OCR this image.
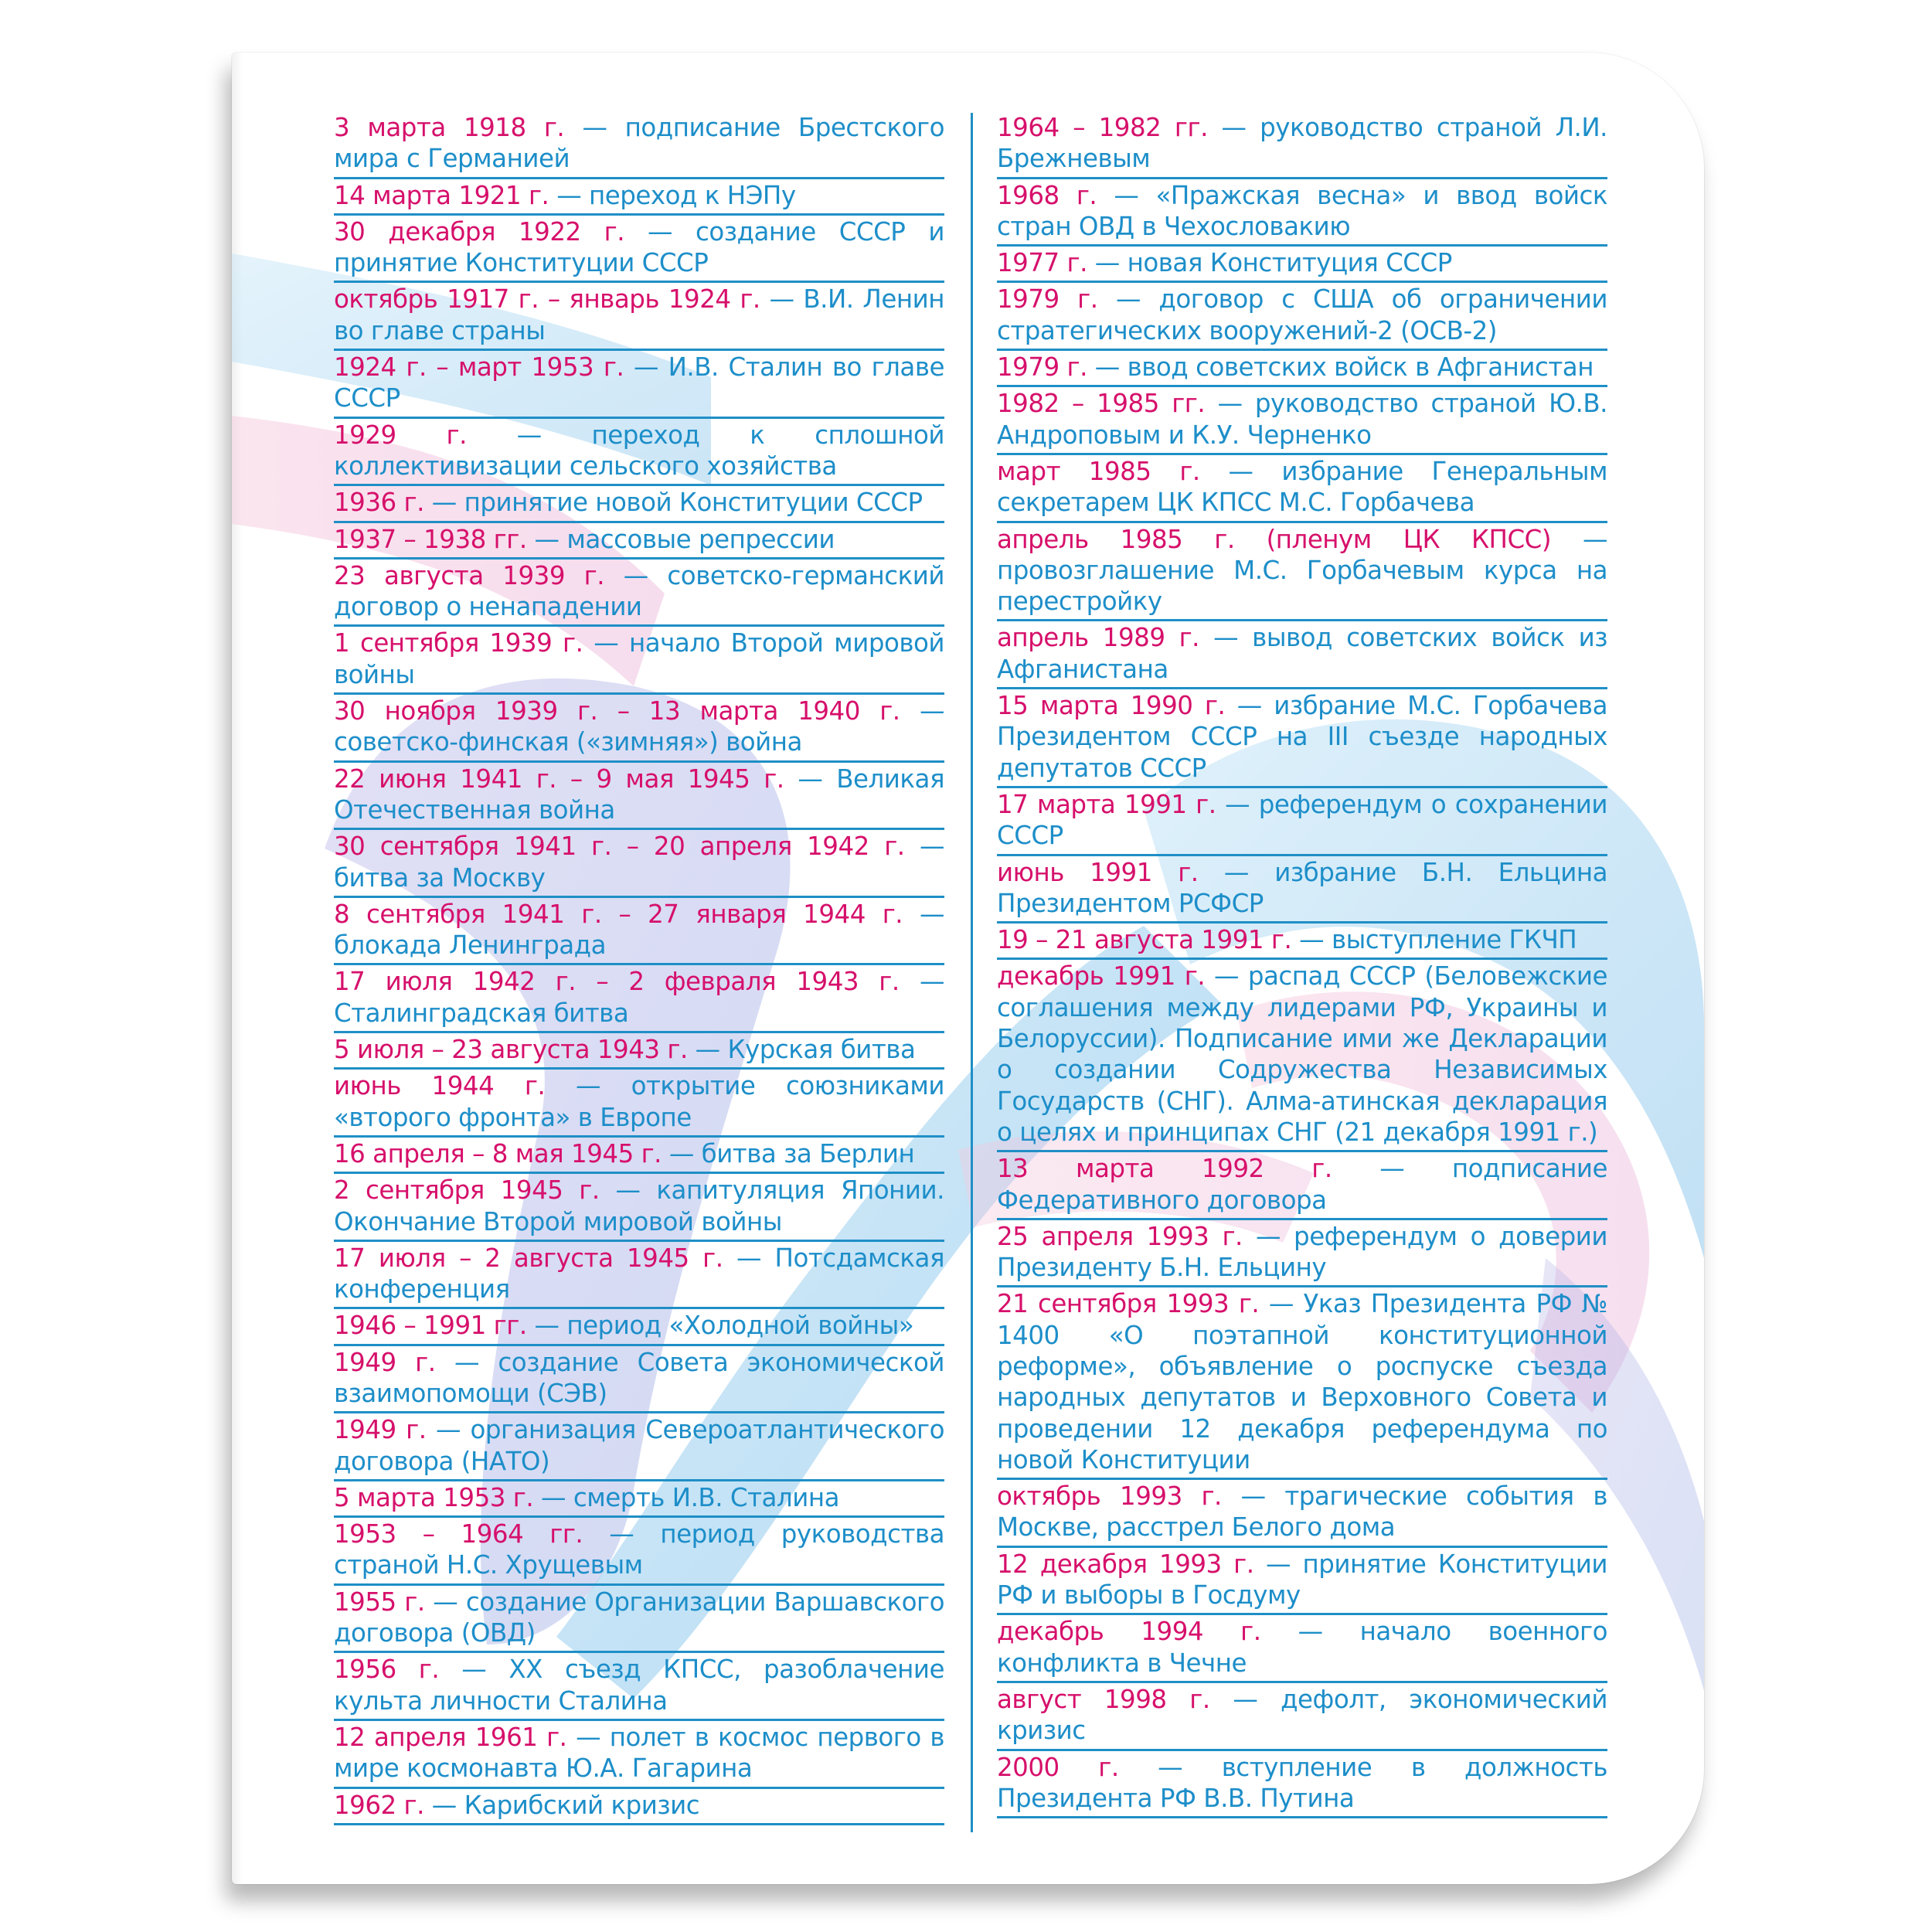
3 марта 1918 г. — подписание Брестского мира с Германией
14 марта 1921 г. — переход к НЭПу
30 декабря 1922 г. — создание СССР и принятие Конституции СССР
октябрь 1917 г. – январь 1924 г. — В.И. Ленин во главе страны
1924 г. – март 1953 г. — И.В. Сталин во главе СССР
1929 г. — переход к сплошной коллективизации сельского хозяйства
1936 г. — принятие новой Конституции СССР
1937 – 1938 гг. — массовые репрессии
23 августа 1939 г. — советско-германский договор о ненападении
1 сентября 1939 г. — начало Второй мировой войны
30 ноября 1939 г. – 13 марта 1940 г. — советско-финская («зимняя») война
22 июня 1941 г. – 9 мая 1945 г. — Великая Отечественная война
30 сентября 1941 г. – 20 апреля 1942 г. — битва за Москву
8 сентября 1941 г. – 27 января 1944 г. — блокада Ленинграда
17 июля 1942 г. – 2 февраля 1943 г. — Сталинградская битва
5 июля – 23 августа 1943 г. — Курская битва
июнь 1944 г. — открытие союзниками «второго фронта» в Европе
16 апреля – 8 мая 1945 г. — битва за Берлин
2 сентября 1945 г. — капитуляция Японии. Окончание Второй мировой войны
17 июля – 2 августа 1945 г. — Потсдамская конференция
1946 – 1991 гг. — период «Холодной войны»
1949 г. — создание Совета экономической взаимопомощи (СЭВ)
1949 г. — организация Североатлантического договора (НАТО)
5 марта 1953 г. — смерть И.В. Сталина
1953 – 1964 гг. — период руководства страной Н.С. Хрущевым
1955 г. — создание Организации Варшавского договора (ОВД)
1956 г. — XX съезд КПСС, разоблачение культа личности Сталина
12 апреля 1961 г. — полет в космос первого в мире космонавта Ю.А. Гагарина
1962 г. — Карибский кризис
1964 – 1982 гг. — руководство страной Л.И. Брежневым
1968 г. — «Пражская весна» и ввод войск стран ОВД в Чехословакию
1977 г. — новая Конституция СССР
1979 г. — договор с США об ограничении стратегических вооружений-2 (ОСВ-2)
1979 г. — ввод советских войск в Афганистан
1982 – 1985 гг. — руководство страной Ю.В. Андроповым и К.У. Черненко
март 1985 г. — избрание Генеральным секретарем ЦК КПСС М.С. Горбачева
апрель 1985 г. (пленум ЦК КПСС) — провозглашение М.С. Горбачевым курса на перестройку
апрель 1989 г. — вывод советских войск из Афганистана
15 марта 1990 г. — избрание М.С. Горбачева Президентом СССР на III съезде народных депутатов СССР
17 марта 1991 г. — референдум о сохранении СССР
июнь 1991 г. — избрание Б.Н. Ельцина Президентом РСФСР
19 – 21 августа 1991 г. — выступление ГКЧП
декабрь 1991 г. — распад СССР (Беловежские соглашения между лидерами РФ, Украины и Белоруссии). Подписание ими же Декларации о создании Содружества Независимых Государств (СНГ). Алма-атинская декларация о целях и принципах СНГ (21 декабря 1991 г.)
13 марта 1992 г. — подписание Федеративного договора
25 апреля 1993 г. — референдум о доверии Президенту Б.Н. Ельцину
21 сентября 1993 г. — Указ Президента РФ № 1400 «О поэтапной конституционной реформе», объявление о роспуске съезда народных депутатов и Верховного Совета и проведении 12 декабря референдума по новой Конституции
октябрь 1993 г. — трагические события в Москве, расстрел Белого дома
12 декабря 1993 г. — принятие Конституции РФ и выборы в Госдуму
декабрь 1994 г. — начало военного конфликта в Чечне
август 1998 г. — дефолт, экономический кризис
2000 г. — вступление в должность Президента РФ В.В. Путина
